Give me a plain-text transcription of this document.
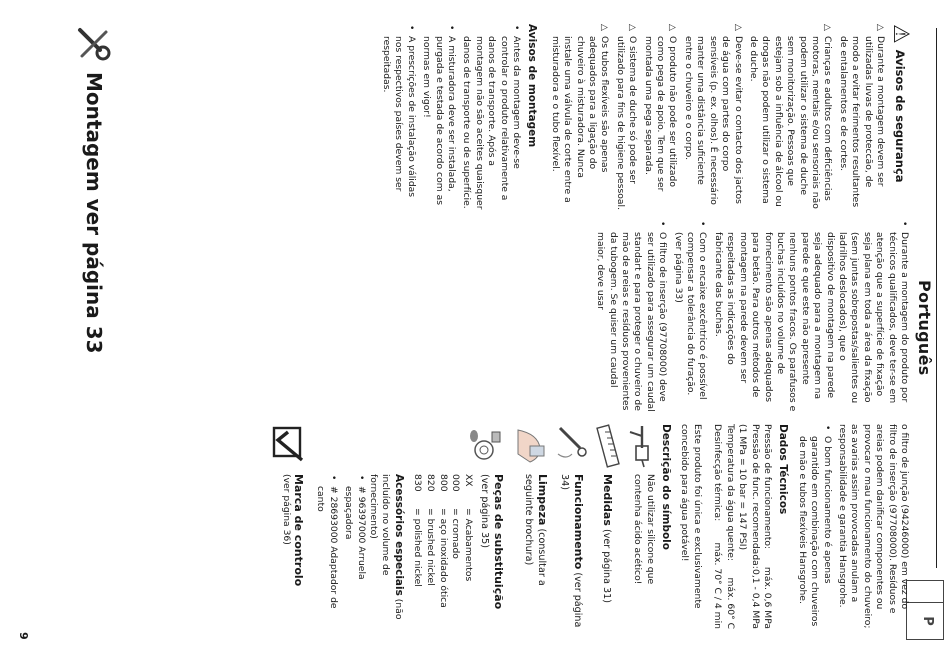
Português
P
⚠
Avisos de segurança
△ Durante a montagem devem ser utilizadas luvas de proteccão, de modo a evitar ferimentos resultantes de entalamentos e de cortes.
△ Crianças e adultos com deficiências motoras, mentais e/ou sensoriais não podem utilizar o sistema de duche sem monitorização. Pessoas que estejam sob a influência de álcool ou drogas não podem utilizar o sistema de duche.
△ Deve-se evitar o contacto dos jactos de água com partes do corpo sensíveis (p. ex. olhos). É necessário manter uma distância suficiente entre o chuveiro e o corpo.
△ O produto não pode ser utilizado como pega de apoio. Tem que ser montada uma pega separada.
△ O sistema de duche só pode ser utilizado para fins de higiene pessoal.
△ Os tubos flexíveis são apenas adequados para a ligação do chuveiro à misturadora. Nunca instale uma válvula de corte entre a misturadora e o tubo flexível.
Avisos de montagem
• Antes da montagem deve-se controlar o produto relativamente a danos de transporte. Após a montagem não são aceites quaisquer danos de transporte ou de superfície.
• A misturadora deve ser instalada, purgada e testada de acordo com as normas em vigor!
• A prescrições de instalação válidas nos respectivos países devem ser respeitadas.
• Durante a montagem do produto por técnicos qualificados, deve ter-se em atenção que a superfície de fixação seja plana em toda a área da fixação (sem juntas sobrepostas/salientes ou ladrilhos deslocados), que o dispositivo de montagem na parede seja adequado para a montagem na parede e que este não apresente nenhuns pontos fracos. Os parafusos e buchas incluídos no volume de fornecimento são apenas adequados para betão. Para outros métodos de montagem na parede devem ser respeitadas as indicações do fabricante das buchas.
• Com o encaixe excêntrico é possível compensar a tolerância do furação. (ver página 33)
• O filtro de inserção (97708000) deve ser utilizado para assegurar um caudal standart e para proteger o chuveiro de mão de areias e resíduos provenientes da tubogem. Se quiser um caudal maior, deve usar
Montagem ver página 33

o filtro de junção (94246000) em vez do filtro de inserção (97708000). Resíduos e areias podem danificar componentes ou provocar o mau funcionamento do chuveiro; as avarias assim provocadas anulam a responsabilidade e garantia Hansgrohe.

• O bom funcionamento é apenas garantido em combinação com chuveiros de mão e tubos flexíveis Hansgrohe.
Dados Técnicos
Pressão de funcionamento:
máx. 0,6 MPa
Pressão de func. recomendada:
0,1 - 0,4 MPa
(1 MPa = 10 bar = 147 PSI)
Temperatura da água quente:
máx. 60° C
Desinfecção térmica:
máx. 70° C / 4 min

Este produto foi única e exclusivamente concebido para água potável!

Descrição do símbolo
Não utilizar silicone que contenha ácido acético!
Medidas (ver página 31)
Funcionamento (ver página 34)
Limpeza (consultar a seguinte brochura)
Peças de substituição (ver página 35)
XX
= Acabamentos
000
= cromado
800
= aço inoxidado ótica
820
= brushed nickel
830
= polished nickel
Acessórios especiais (não incluído no volume de fornecimento)
• # 96397000 Arruela espaçadora
• # 28693000 Adaptador de canto
Marca de controlo
(ver página 36)
9
